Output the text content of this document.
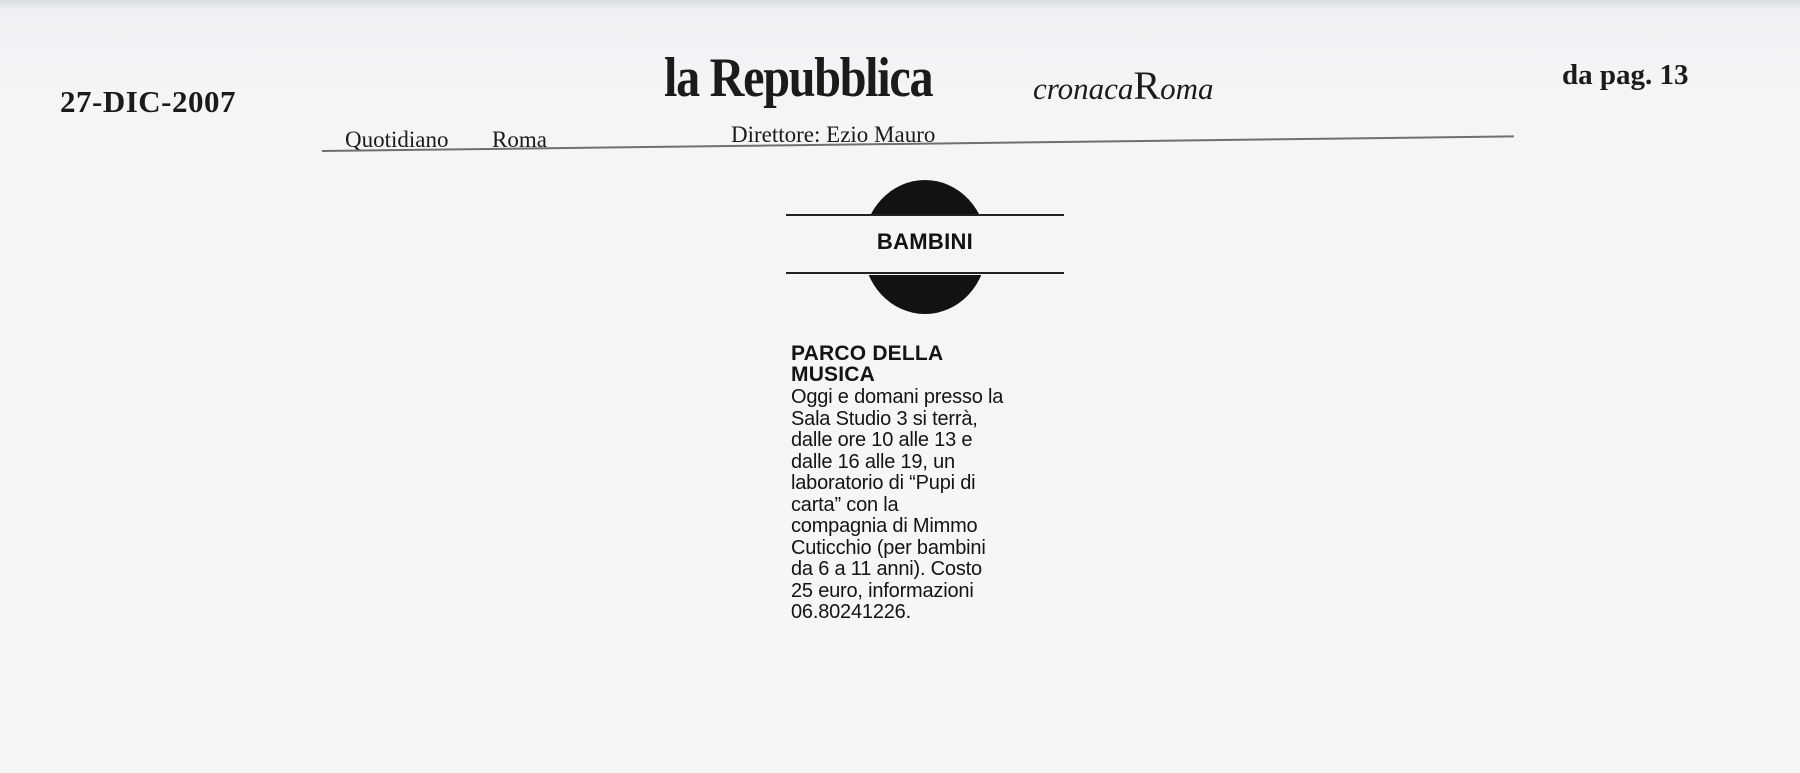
27-DIC-2007	la Repubblica	cronacaRoma	da pag. 13
Quotidiano Roma	Direttore: Ezio Mauro
BAMBINI
PARCO DELLA
MUSICA
Oggi e domani presso la
Sala Studio 3 si terrà,
dalle ore 10 alle 13 e
dalle 16 alle 19, un
laboratorio di “Pupi di
carta” con la
compagnia di Mimmo
Cuticchio (per bambini
da 6 a 11 anni). Costo
25 euro, informazioni
06.80241226.
